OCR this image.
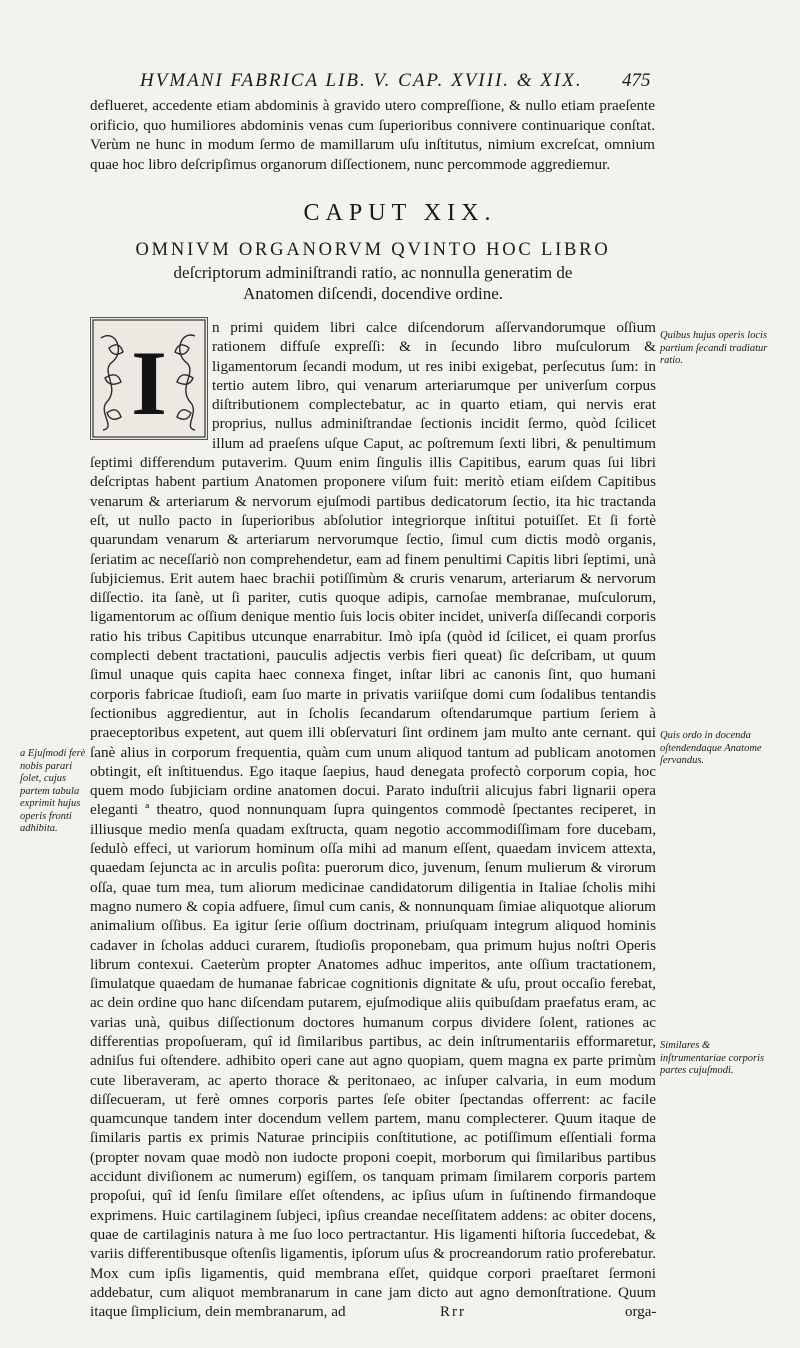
HVMANI FABRICA LIB. V. CAP. XVIII. & XIX.	475

deflueret, accedente etiam abdominis à gravido utero compreſſione, & nullo etiam praeſente orificio, quo humiliores abdominis venas cum ſuperioribus connivere continuarique conſtat. Verùm ne hunc in modum ſermo de mamillarum uſu inſtitutus, nimium excreſcat, omnium quae hoc libro deſcripſimus organorum diſſectionem, nunc percommode aggrediemur.

CAPUT XIX.
OMNIVM ORGANORVM QVINTO HOC LIBRO
deſcriptorum adminiſtrandi ratio, ac nonnulla generatim de
Anatomen diſcendi, docendive ordine.
I

n primi quidem libri calce diſcendorum aſſervandorumque oſſium rationem diffuſe expreſſi: & in ſecundo libro muſculorum & ligamentorum ſecandi modum, ut res inibi exigebat, perſecutus ſum: in tertio autem libro, qui venarum arteriarumque per univerſum corpus diſtributionem complectebatur, ac in quarto etiam, qui nervis erat proprius, nullus adminiſtrandae ſectionis incidit ſermo, quòd ſcilicet illum ad praeſens uſque Caput, ac poſtremum ſexti libri, & penultimum ſeptimi differendum putaverim. Quum enim ſingulis illis Capitibus, earum quas ſui libri deſcriptas habent partium Anatomen proponere viſum fuit: meritò etiam eiſdem Capitibus venarum & arteriarum & nervorum ejuſmodi partibus dedicatorum ſectio, ita hic tractanda eſt, ut nullo pacto in ſuperioribus abſolutior integriorque inſtitui potuiſſet. Et ſi fortè quarundam venarum & arteriarum nervorumque ſectio, ſimul cum dictis modò organis, ſeriatim ac neceſſariò non comprehendetur, eam ad finem penultimi Capitis libri ſeptimi, unà ſubjiciemus. Erit autem haec brachii potiſſimùm & cruris venarum, arteriarum & nervorum diſſectio. ita ſanè, ut ſi pariter, cutis quoque adipis, carnoſae membranae, muſculorum, ligamentorum ac oſſium denique mentio ſuis locis obiter incidet, univerſa diſſecandi corporis ratio his tribus Capitibus utcunque enarrabitur. Imò ipſa (quòd id ſcilicet, ei quam prorſus complecti debent tractationi, pauculis adjectis verbis fieri queat) ſic deſcribam, ut quum ſimul unaque quis capita haec connexa finget, inſtar libri ac canonis ſint, quo humani corporis fabricae ſtudioſi, eam ſuo marte in privatis variiſque domi cum ſodalibus tentandis ſectionibus aggredientur, aut in ſcholis ſecandarum oſtendarumque partium ſeriem à praeceptoribus expetent, aut quem illi obſervaturi ſint ordinem jam multo ante cernant. qui ſanè alius in corporum frequentia, quàm cum unum aliquod tantum ad publicam anotomen obtingit, eſt inſtituendus. Ego itaque ſaepius, haud denegata profectò corporum copia, hoc quem modo ſubjiciam ordine anatomen docui. Parato induſtrii alicujus fabri lignarii opera eleganti ª theatro, quod nonnunquam ſupra quingentos commodè ſpectantes reciperet, in illiusque medio menſa quadam exſtructa, quam negotio accommodiſſimam fore ducebam, ſedulò effeci, ut variorum hominum oſſa mihi ad manum eſſent, quaedam invicem attexta, quaedam ſejuncta ac in arculis poſita: puerorum dico, juvenum, ſenum mulierum & virorum oſſa, quae tum mea, tum aliorum medicinae candidatorum diligentia in Italiae ſcholis mihi magno numero & copia adfuere, ſimul cum canis, & nonnunquam ſimiae aliquotque aliorum animalium oſſibus. Ea igitur ſerie oſſium doctrinam, priuſquam integrum aliquod hominis cadaver in ſcholas adduci curarem, ſtudioſis proponebam, qua primum hujus noſtri Operis librum contexui. Caeterùm propter Anatomes adhuc imperitos, ante oſſium tractationem, ſimulatque quaedam de humanae fabricae cognitionis dignitate & uſu, prout occaſio ferebat, ac dein ordine quo hanc diſcendam putarem, ejuſmodique aliis quibuſdam praefatus eram, ac varias unà, quibus diſſectionum doctores humanum corpus dividere ſolent, rationes ac differentias propoſueram, quî id ſimilaribus partibus, ac dein inſtrumentariis efformaretur, adniſus fui oſtendere. adhibito operi cane aut agno quopiam, quem magna ex parte primùm cute liberaveram, ac aperto thorace & peritonaeo, ac inſuper calvaria, in eum modum diſſecueram, ut ferè omnes corporis partes ſeſe obiter ſpectandas offerrent: ac facile quamcunque tandem inter docendum vellem partem, manu complecterer. Quum itaque de ſimilaris partis ex primis Naturae principiis conſtitutione, ac potiſſimum eſſentiali forma (propter novam quae modò non iudocte proponi coepit, morborum qui ſimilaribus partibus accidunt diviſionem ac numerum) egiſſem, os tanquam primam ſimilarem corporis partem propoſui, quî id ſenſu ſimilare eſſet oſtendens, ac ipſius uſum in ſuſtinendo firmandoque exprimens. Huic cartilaginem ſubjeci, ipſius creandae neceſſitatem addens: ac obiter docens, quae de cartilaginis natura à me ſuo loco pertractantur. His ligamenti hiſtoria ſuccedebat, & variis differentibusque oſtenſis ligamentis, ipſorum uſus & procreandorum ratio proferebatur. Mox cum ipſis ligamentis, quid membrana eſſet, quidque corpori praeſtaret ſermoni addebatur, cum aliquot membranarum in cane jam dicto aut agno demonſtratione. Quum itaque ſimplicium, dein membranarum, ad

Quibus hujus operis locis partium ſecandi tradiatur ratio.
Quis ordo in docenda oſtendendaque Anatome ſervandus.
Similares & inſtrumentariae corporis partes cujuſmodi.
a Ejuſmodi ferè nobis parari ſolet, cujus partem tabula exprimit hujus operis fronti adhibita.
Rrr	orga-
